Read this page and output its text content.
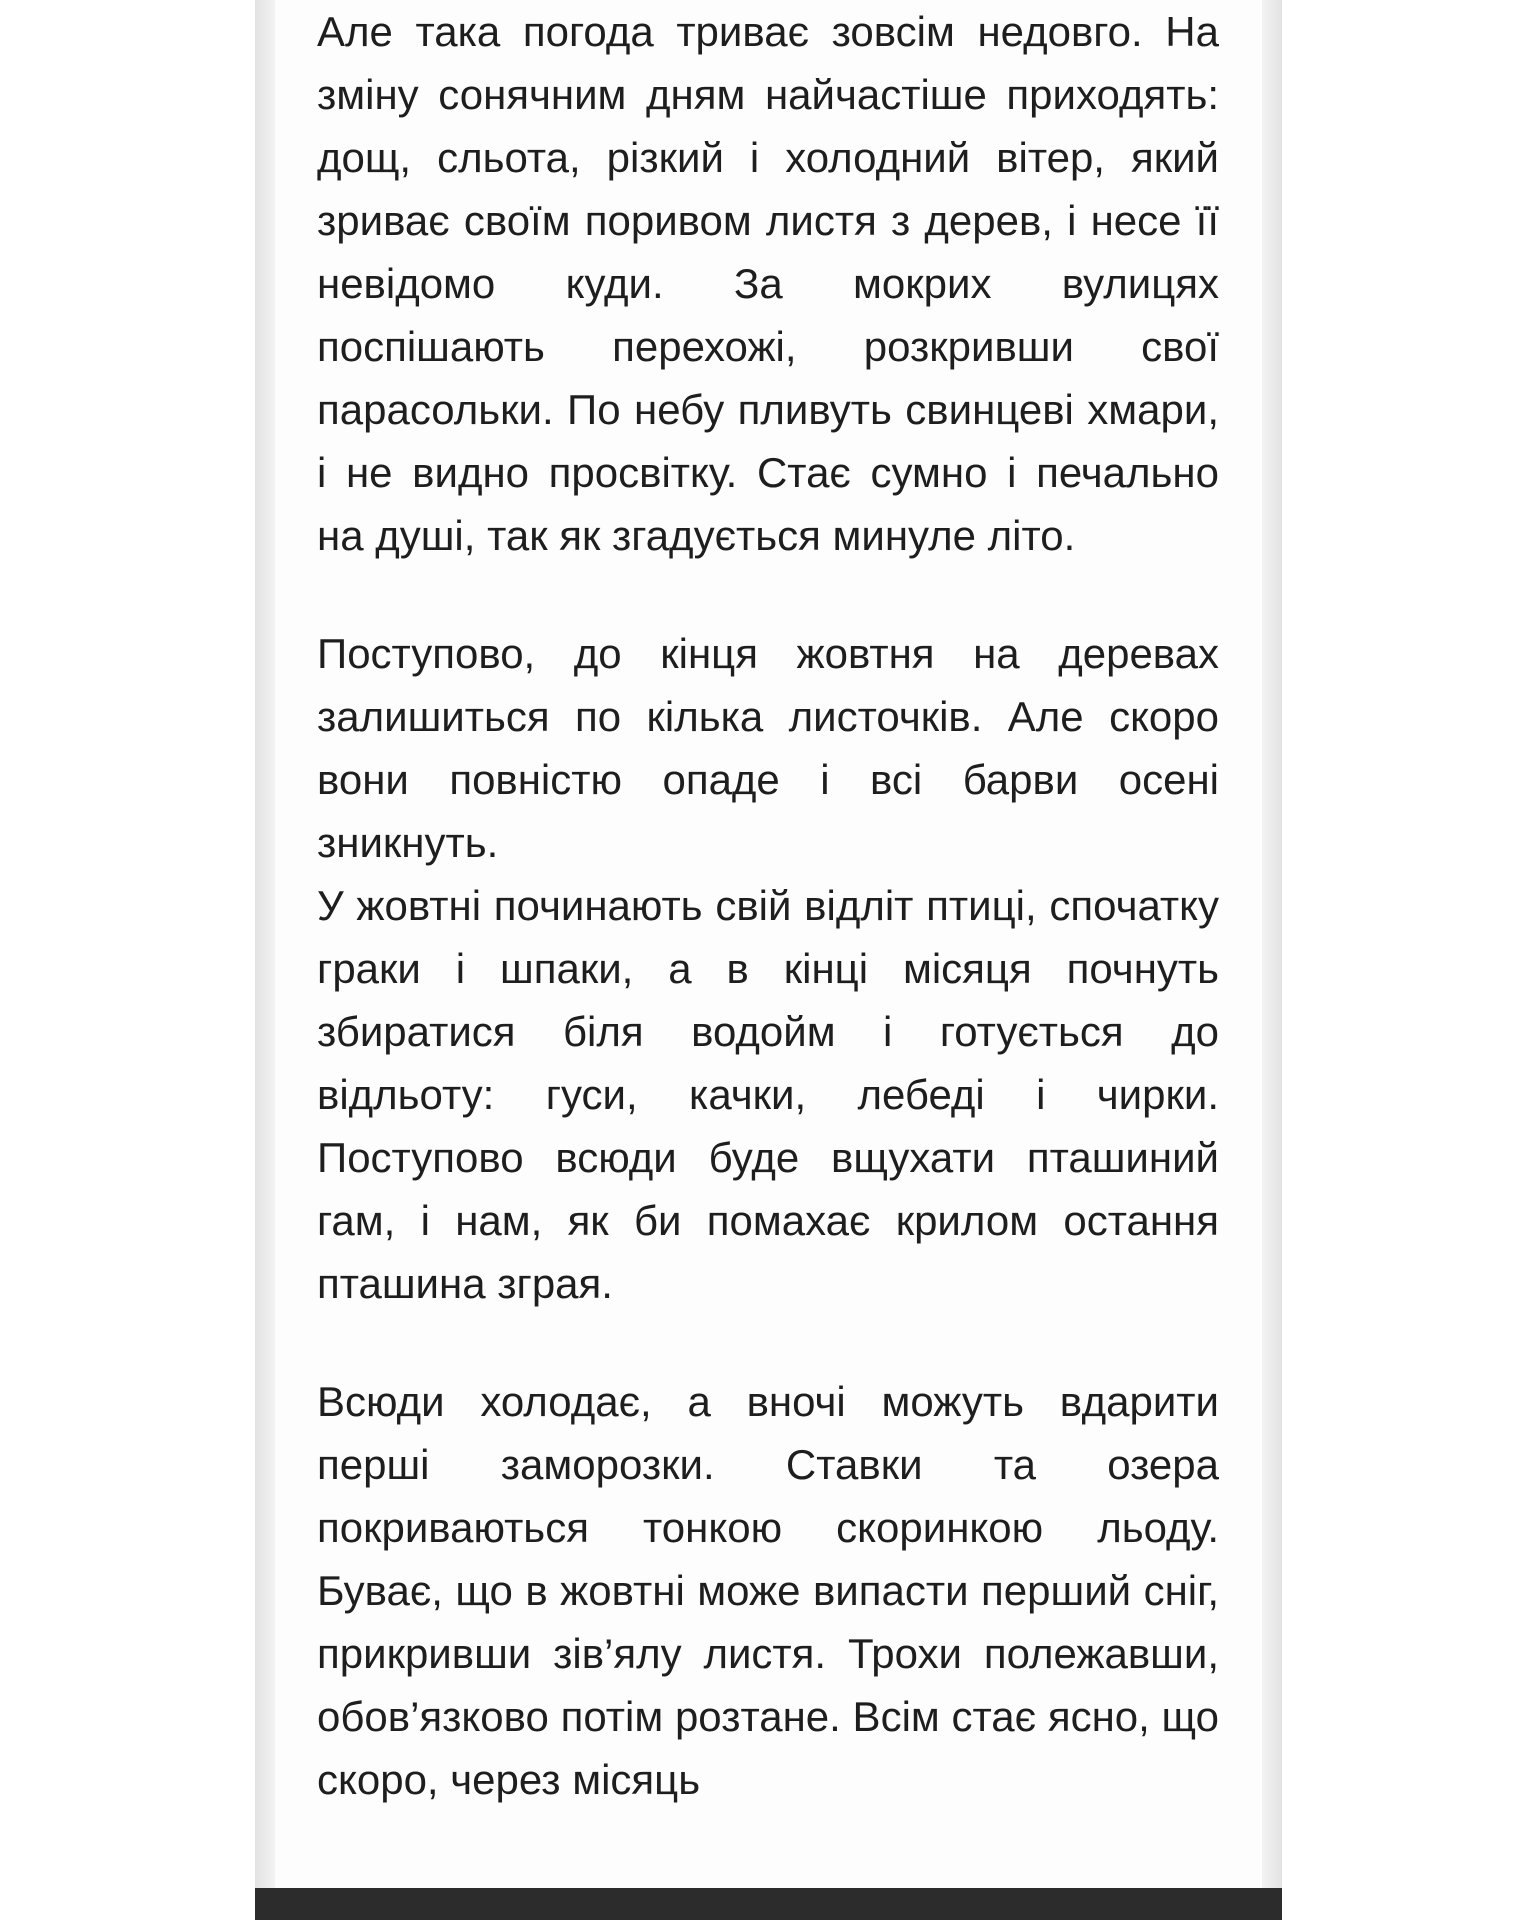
Але така погода триває зовсім недовго. На зміну сонячним дням найчастіше приходять: дощ, сльота, різкий і холодний вітер, який зриває своїм поривом листя з дерев, і несе її невідомо куди. За мокрих вулицях поспішають перехожі, розкривши свої парасольки. По небу пливуть свинцеві хмари, і не видно просвітку. Стає сумно і печально на душі, так як згадується минуле літо.

Поступово, до кінця жовтня на деревах залишиться по кілька листочків. Але скоро вони повністю опаде і всі барви осені зникнуть.

У жовтні починають свій відліт птиці, спочатку граки і шпаки, а в кінці місяця почнуть збиратися біля водойм і готується до відльоту: гуси, качки, лебеді і чирки. Поступово всюди буде вщухати пташиний гам, і нам, як би помахає крилом остання пташина зграя.

Всюди холодає, а вночі можуть вдарити перші заморозки. Ставки та озера покриваються тонкою скоринкою льоду. Буває, що в жовтні може випасти перший сніг, прикривши зів’ялу листя. Трохи полежавши, обов’язково потім розтане. Всім стає ясно, що скоро, через місяць
